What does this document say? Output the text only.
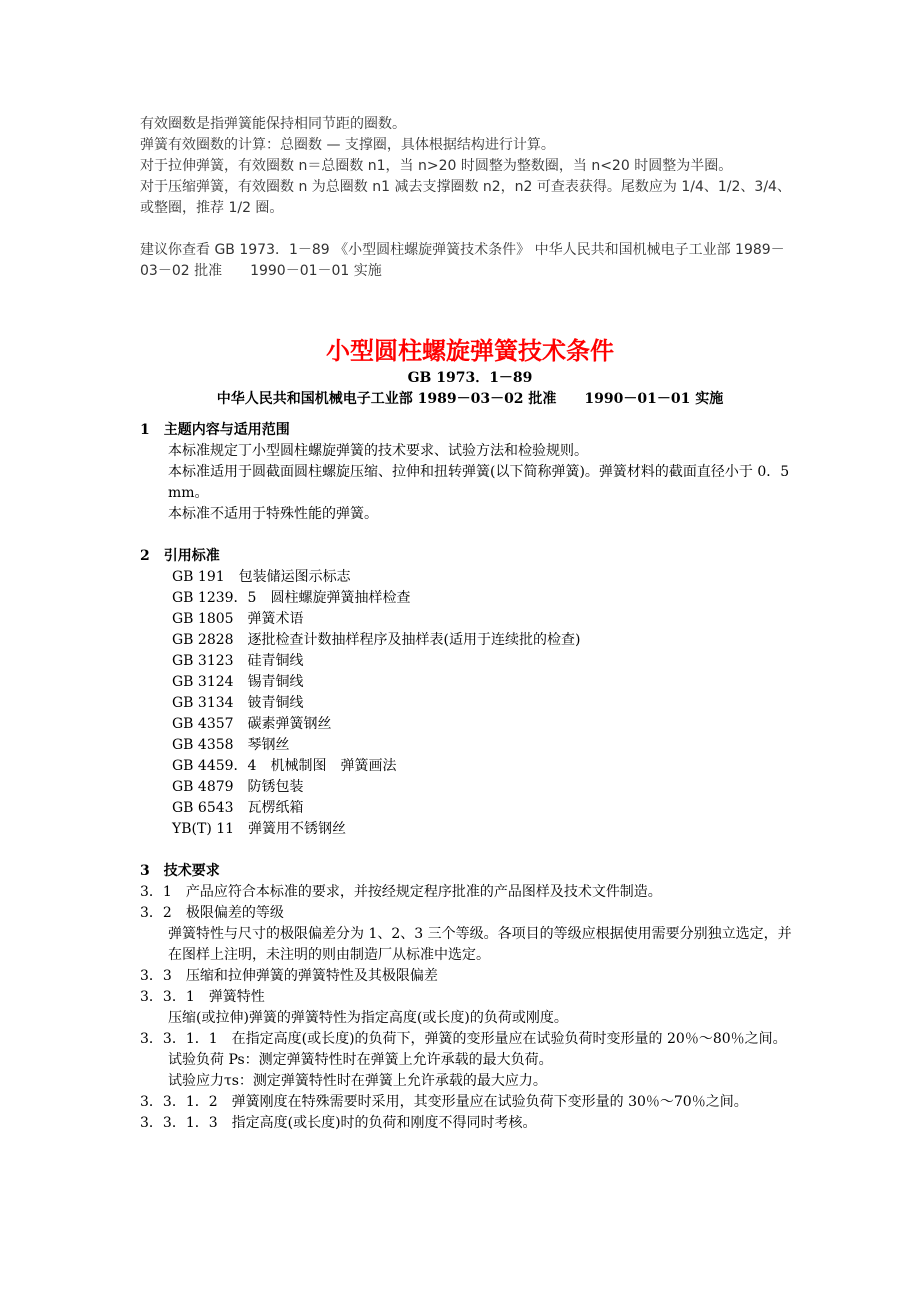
有效圈数是指弹簧能保持相同节距的圈数。

弹簧有效圈数的计算：总圈数 — 支撑圈，具体根据结构进行计算。

对于拉伸弹簧，有效圈数 n＝总圈数 n1，当 n>20 时圆整为整数圈，当 n<20 时圆整为半圈。

对于压缩弹簧，有效圈数 n 为总圈数 n1 减去支撑圈数 n2，n2 可查表获得。尾数应为 1/4、1/2、3/4、或整圈，推荐 1/2 圈。

建议你查看 GB 1973．1－89 《小型圆柱螺旋弹簧技术条件》 中华人民共和国机械电子工业部 1989－03－02 批准　　1990－01－01 实施

小型圆柱螺旋弹簧技术条件

GB 1973．1－89

中华人民共和国机械电子工业部 1989－03－02 批准　　1990－01－01 实施

1　主题内容与适用范围

本标准规定丁小型圆柱螺旋弹簧的技术要求、试验方法和检验规则。

本标准适用于圆截面圆柱螺旋压缩、拉伸和扭转弹簧(以下简称弹簧)。弹簧材料的截面直径小于 0．5 mm。

本标准不适用于特殊性能的弹簧。

2　引用标准

GB 191　包装储运图示标志

GB 1239．5　圆柱螺旋弹簧抽样检查

GB 1805　弹簧术语

GB 2828　逐批检查计数抽样程序及抽样表(适用于连续批的检查)

GB 3123　硅青铜线

GB 3124　锡青铜线

GB 3134　铍青铜线

GB 4357　碳素弹簧钢丝

GB 4358　琴钢丝

GB 4459．4　机械制图　弹簧画法

GB 4879　防锈包装

GB 6543　瓦楞纸箱

YB(T) 11　弹簧用不锈钢丝

3　技术要求

3．1　产品应符合本标准的要求，并按经规定程序批准的产品图样及技术文件制造。

3．2　极限偏差的等级

弹簧特性与尺寸的极限偏差分为 1、2、3 三个等级。各项目的等级应根据使用需要分别独立选定，并在图样上注明，未注明的则由制造厂从标准中选定。

3．3　压缩和拉伸弹簧的弹簧特性及其极限偏差

3．3．1　弹簧特性

压缩(或拉伸)弹簧的弹簧特性为指定高度(或长度)的负荷或刚度。

3．3．1．1　在指定高度(或长度)的负荷下，弹簧的变形量应在试验负荷时变形量的 20％～80％之间。

试验负荷 Ps：测定弹簧特性时在弹簧上允许承载的最大负荷。

试验应力τs：测定弹簧特性时在弹簧上允许承载的最大应力。

3．3．1．2　弹簧刚度在特殊需要时采用，其变形量应在试验负荷下变形量的 30％～70％之间。

3．3．1．3　指定高度(或长度)时的负荷和刚度不得同时考核。
